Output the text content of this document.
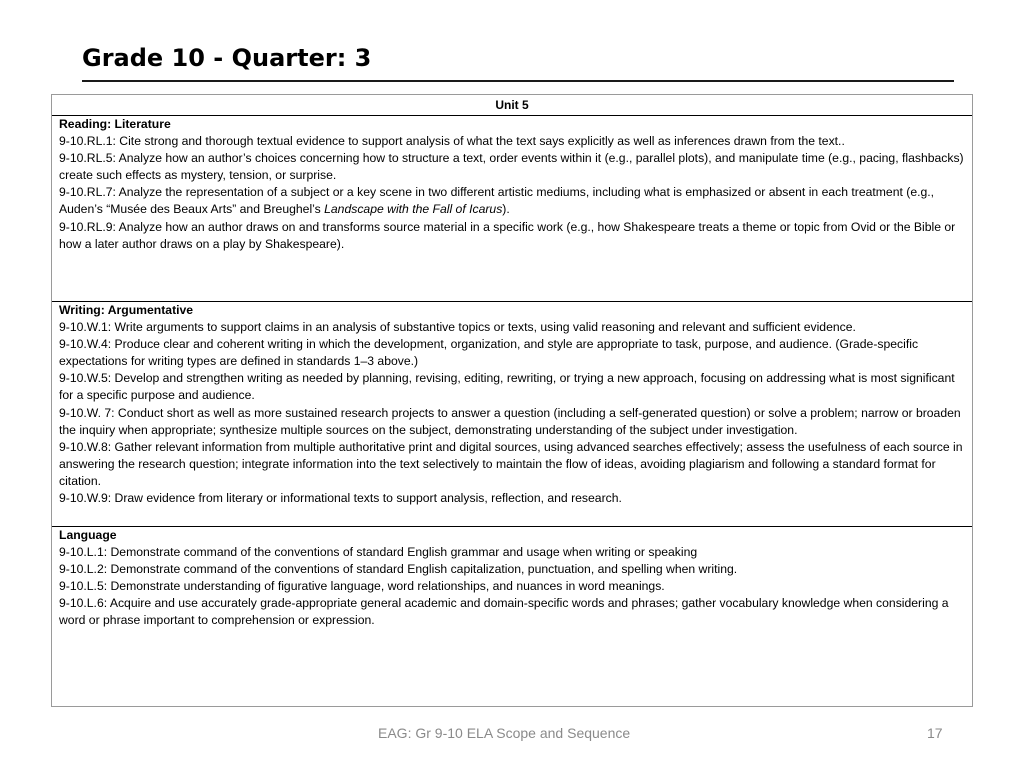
Grade 10 - Quarter: 3
Unit 5
Reading: Literature
9-10.RL.1: Cite strong and thorough textual evidence to support analysis of what the text says explicitly as well as inferences drawn from the text..
9-10.RL.5: Analyze how an author’s choices concerning how to structure a text, order events within it (e.g., parallel plots), and manipulate time (e.g., pacing, flashbacks) create such effects as mystery, tension, or surprise.
9-10.RL.7: Analyze the representation of a subject or a key scene in two different artistic mediums, including what is emphasized or absent in each treatment (e.g., Auden’s “Musée des Beaux Arts” and Breughel’s Landscape with the Fall of Icarus).
9-10.RL.9: Analyze how an author draws on and transforms source material in a specific work (e.g., how Shakespeare treats a theme or topic from Ovid or the Bible or how a later author draws on a play by Shakespeare).
Writing: Argumentative
9-10.W.1: Write arguments to support claims in an analysis of substantive topics or texts, using valid reasoning and relevant and sufficient evidence.
9-10.W.4: Produce clear and coherent writing in which the development, organization, and style are appropriate to task, purpose, and audience. (Grade-specific expectations for writing types are defined in standards 1–3 above.)
9-10.W.5: Develop and strengthen writing as needed by planning, revising, editing, rewriting, or trying a new approach, focusing on addressing what is most significant for a specific purpose and audience.
9-10.W. 7: Conduct short as well as more sustained research projects to answer a question (including a self-generated question) or solve a problem; narrow or broaden the inquiry when appropriate; synthesize multiple sources on the subject, demonstrating understanding of the subject under investigation.
9-10.W.8: Gather relevant information from multiple authoritative print and digital sources, using advanced searches effectively; assess the usefulness of each source in answering the research question; integrate information into the text selectively to maintain the flow of ideas, avoiding plagiarism and following a standard format for citation.
9-10.W.9: Draw evidence from literary or informational texts to support analysis, reflection, and research.
Language
9-10.L.1: Demonstrate command of the conventions of standard English grammar and usage when writing or speaking
9-10.L.2: Demonstrate command of the conventions of standard English capitalization, punctuation, and spelling when writing.
9-10.L.5: Demonstrate understanding of figurative language, word relationships, and nuances in word meanings.
9-10.L.6: Acquire and use accurately grade-appropriate general academic and domain-specific words and phrases; gather vocabulary knowledge when considering a word or phrase important to comprehension or expression.
EAG: Gr 9-10 ELA Scope and Sequence	17
